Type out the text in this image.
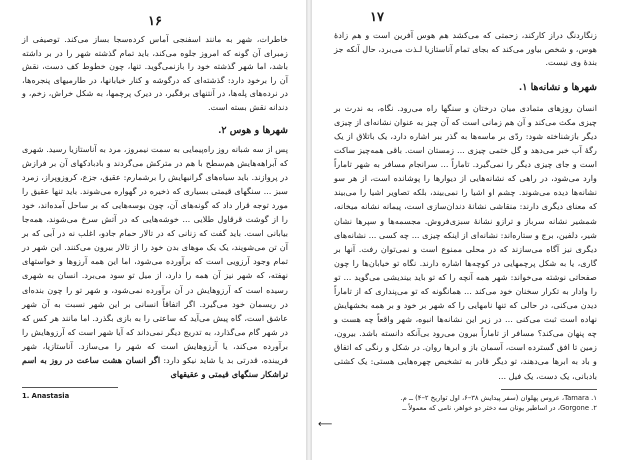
۱۶

خاطرات، شهر به مانند اسفنجی آماس کرده‌سجا بساز می‌کند. توصیفی از زمبرا‌ی آن گونه که امروز جلوه می‌کند، باید تمام گذشته شهر را در بر داشته باشد، اما شهر گذشته خود را بازنمی‌گوید. تنها، چون خطوط کف دست، نقش آن را برخود دارد: گذشته‌ای که درگوشه و کنار خیابانها، در طارمیهای پنجره‌ها، در نرده‌های پله‌ها، در آنتنهای برقگیر، در دیرک پرچمها، به شکل خراش، زخم، و دندانه نقش بسته است.

شهرها و هوس ۲.

پس از سه شبانه روز راه‌پیمایی به سمت نیمروز، مرد به آناستازیا رسید. شهری که آبراهه‌هایش هم‌سطح با هم در مترکش می‌گردند و بادبادکهای آن بر فرازش در پروازند. باید سیاه‌های گرانبهایش را برشمارم: عقیق، جزع، کروزوپراز، زمرد سبز ... سنگهای قیمتی بسیاری که ذخیره در گهواره می‌شوند. باید تنها عقیق را مورد توجه قرار داد که گونه‌های آن، چون بوسه‌هایی که بر ساحل آمده‌اند، خود را از گوشت قرقاول طلایی ... خوشه‌هایی که در آتش سرخ می‌شوند، همه‌جا بیابانی است. باید گفت که زنانی که در تالار حمام جادو، اغلب نه در آبی که بر آن تن می‌شویند، یک یک موهای بدن خود را از تالار بیرون می‌کنند. این شهر در تمام وجود آرزویی است که برآورده می‌شود، اما این همه آرزوها و خواستهای نهفته، که شهر نیز آن همه را دارد، از میل تو سود می‌برد. انسان به شهری رسیده است که آرزوهایش در آن برآورده نمی‌شود، و شهر تو را چون بنده‌ای در ریسمان خود می‌گیرد. اگر اتفاقاً انسانی بر این شهر نسبت به آن شهر عاشق است، گاه پیش می‌آید که ساعتی را به بازی بگذرد. اما مانند هر کس که در شهر گام می‌گذارد، به تدریج دیگر نمی‌داند که آیا شهر است که آرزوهایش را برآورده می‌کند، یا ‌آرزوهایش است که شهر را می‌سازد. آناستازیا، شهر فریبنده، قدرتی بد یا شاید نیکو دارد: اگر انسان هشت ساعت در روز به اسم تراشکار سنگهای قیمتی و عقیقهای

1. Anastasia

۱۷

زنگاردنگ دراز کارکند، زحمتی که می‌کشد هم هوس آفرین است و هم زادهٔ هوس، و شخص بیاور می‌کند که بجای تمام آناستازیا لـذت می‌برد، حال آنکه جز بندهٔ وی نیست.

شهرها و نشانه‌ها ۱.

انسان روزهای متمادی میان درختان و سنگها راه می‌رود. نگاه، به ندرت بر چیزی مکث می‌کند و آن هم زمانی است که آن چیز به عنوان نشانه‌ای از چیزی دیگر بازشناخته شود: ردّی بر ماسه‌ها به گذر ببر اشاره دارد، یک باتلاق از یک رگهٔ آب خبر می‌دهد و گل ختمی چیزی ... زمستان است. باقی همه‌چیز ساکت است و جای چیزی دیگر را نمی‌گیرد. تاماراً ... سرانجام مسافر به شهر تاماراً وارد می‌شود، در راهی که نشانه‌هایی از دیوارها را پوشانده است، از هر سو نشانه‌ها دیده می‌شوند. چشم او اشیا را نمی‌بیند، بلکه تصاویر اشیا را می‌بیند که معنای دیگری دارند: منقاشی نشانهٔ دندان‌سازی است، پیمانه نشانه میخانه، شمشیر نشانه سرباز و ترازو نشانهٔ سبزی‌فروش. مجسمه‌ها و سپرها نشان شیر، دلفین، برج و ستاره‌اند: نشانه‌ای از اینکه چیزی ... چه کسی ... نشانه‌های دیگری نیز آگاه می‌سازند که در محلی ممنوع است و نمی‌توان رفت. آنها بر گاری، یا به شکل پرچمهایی در کوچه‌ها اشاره دارند. نگاه تو خیابان‌ها را چون صفحاتی نوشته می‌خواند: شهر همه آنچه را که تو باید بیندیشی می‌گوید ... تو را وادار به تکرار سخنان خود می‌کند ... همانگونه که تو می‌پنداری که از تاماراً دیدن می‌کنی، در حالی که تنها نامهایی را که شهر بر خود و بر همه بخشهایش نهاده است ثبت می‌کنی ... در زیر این نشانه‌ها انبوه، شهر واقعاً چه هست و چه پنهان می‌کند؟ مسافر از تاماراً بیرون می‌رود بی‌آنکه دانسته باشد. بیرون، زمین تا افق گسترده است، آسمان باز و ابرها روان. در شکل و رنگی که اتفاق و باد به ابرها می‌دهند، تو دیگر قادر به تشخیص چهره‌هایی هستی: یک کشتی بادبانی، یک دست، یک فیل ...

۱. Tamara، عروس پهلوان (سفر پیدایش ۳۸–۶، اول تواریخ ۲–۴) ــ م.

۲. Gorgone، در اساطیر یونان سه دختر دو خواهر، نامی که معمولاً ــ

⟵
